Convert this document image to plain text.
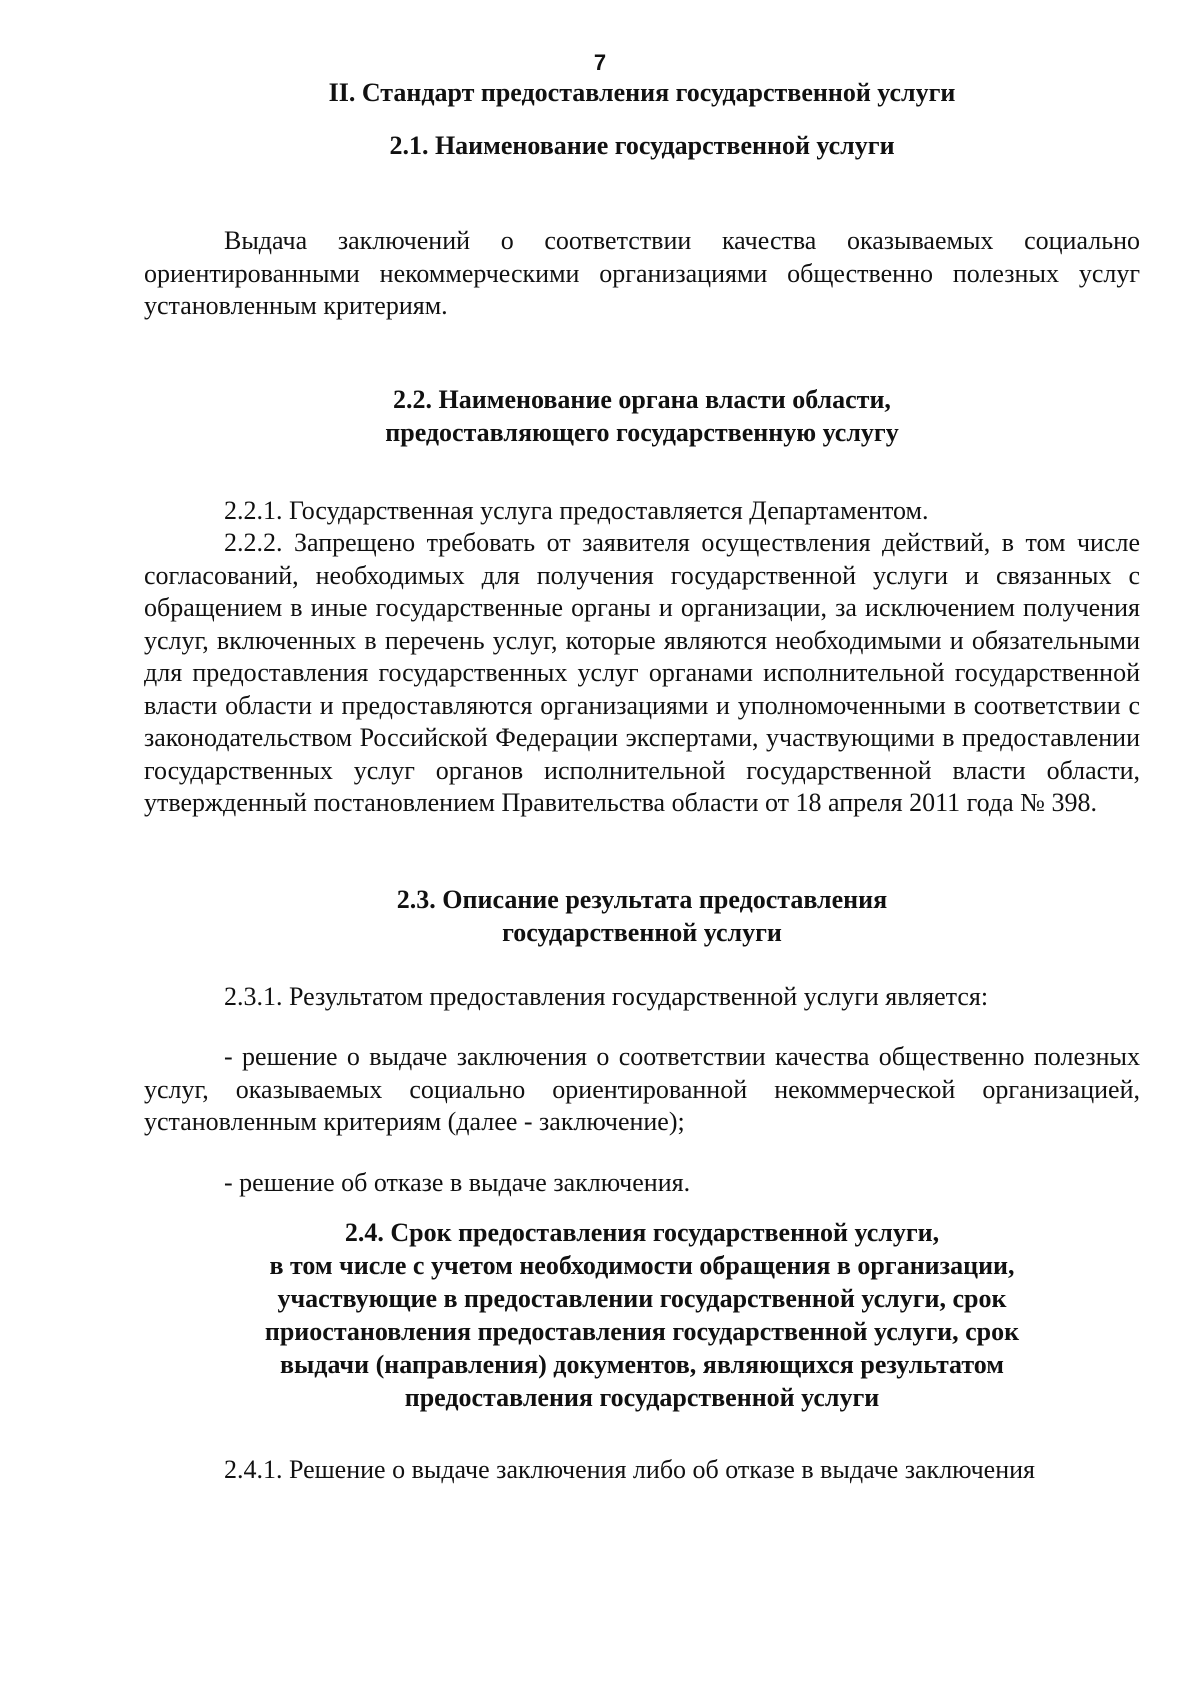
7
II. Стандарт предоставления государственной услуги
2.1. Наименование государственной услуги

Выдача заключений о соответствии качества оказываемых социально ориентированными некоммерческими организациями общественно полезных услуг установленным критериям.

2.2. Наименование органа власти области,
предоставляющего государственную услугу

2.2.1. Государственная услуга предоставляется Департаментом.

2.2.2. Запрещено требовать от заявителя осуществления действий, в том числе согласований, необходимых для получения государственной услуги и связанных с обращением в иные государственные органы и организации, за исключением получения услуг, включенных в перечень услуг, которые являются необходимыми и обязательными для предоставления государственных услуг органами исполнительной государственной власти области и предоставляются организациями и уполномоченными в соответствии с законодательством Российской Федерации экспертами, участвующими в предоставлении государственных услуг органов исполнительной государственной власти области, утвержденный постановлением Правительства области от 18 апреля 2011 года № 398.

2.3. Описание результата предоставления
государственной услуги

2.3.1. Результатом предоставления государственной услуги является:

- решение о выдаче заключения о соответствии качества общественно полезных услуг, оказываемых социально ориентированной некоммерческой организацией, установленным критериям (далее - заключение);

- решение об отказе в выдаче заключения.

2.4. Срок предоставления государственной услуги,
в том числе с учетом необходимости обращения в организации,
участвующие в предоставлении государственной услуги, срок
приостановления предоставления государственной услуги, срок
выдачи (направления) документов, являющихся результатом
предоставления государственной услуги

2.4.1. Решение о выдаче заключения либо об отказе в выдаче заключения
